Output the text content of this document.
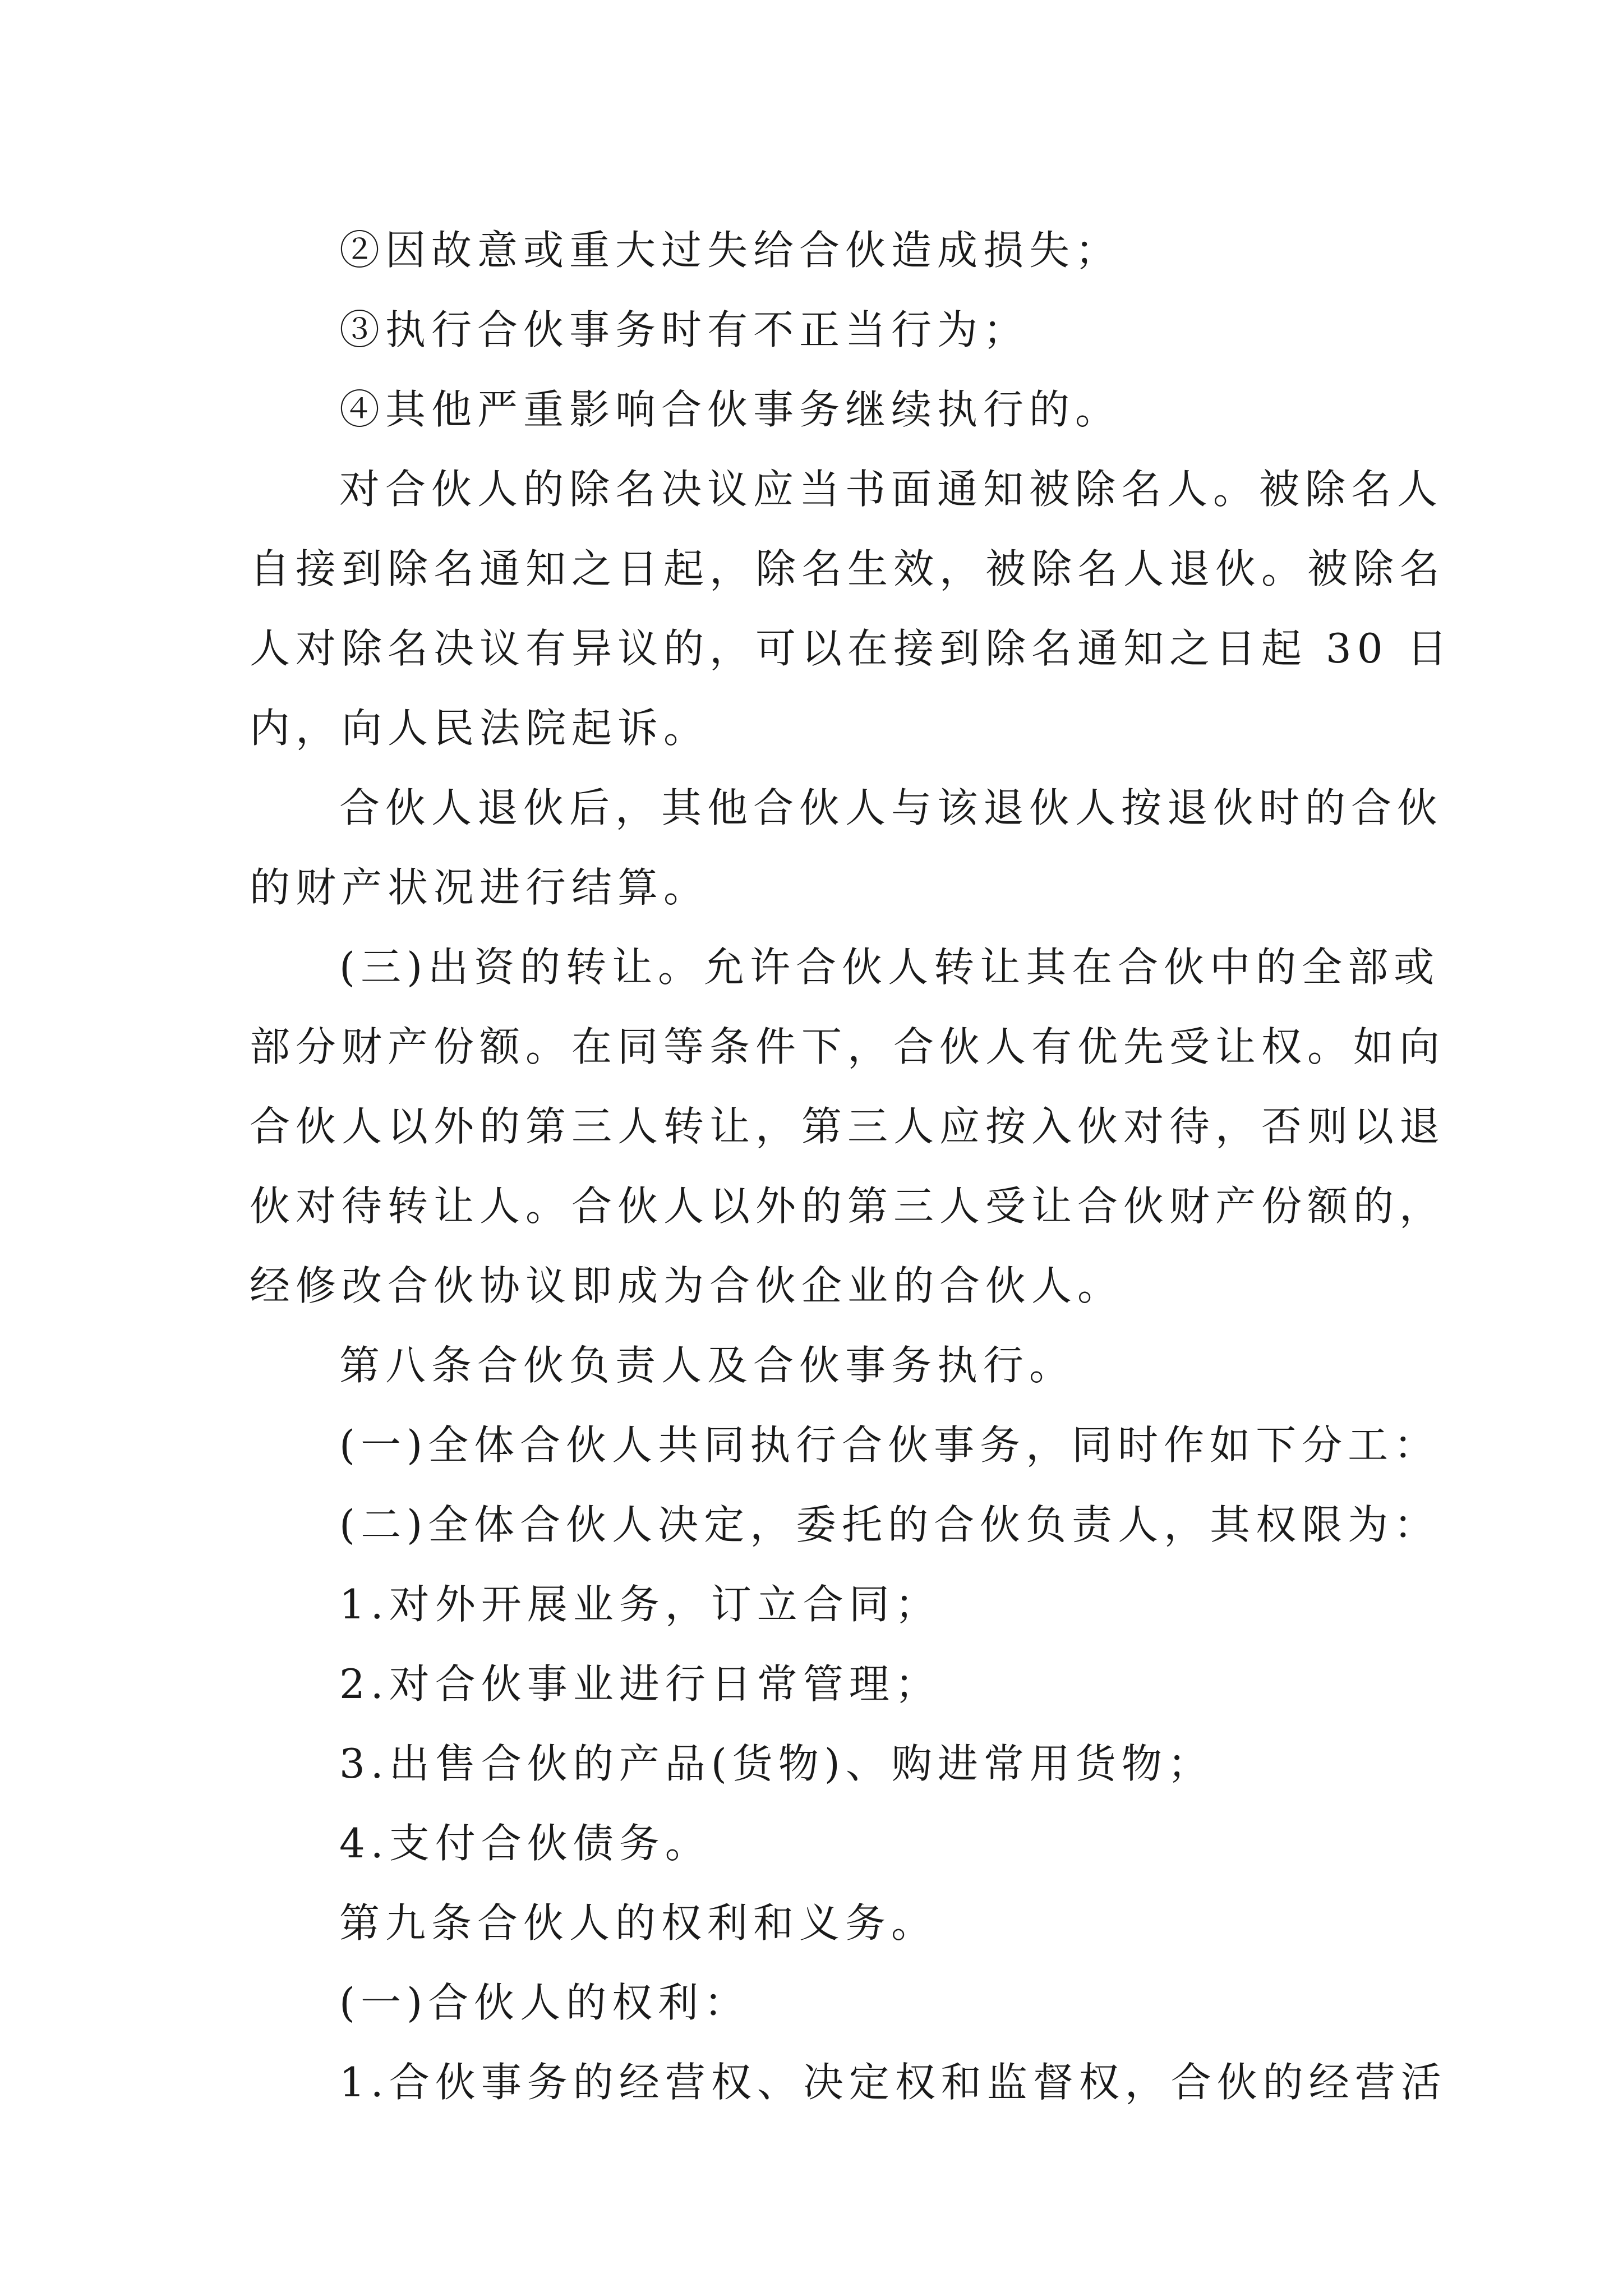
②因故意或重大过失给合伙造成损失；
③执行合伙事务时有不正当行为；
④其他严重影响合伙事务继续执行的。
对合伙人的除名决议应当书面通知被除名人。被除名人
自接到除名通知之日起，除名生效，被除名人退伙。被除名
人对除名决议有异议的，可以在接到除名通知之日起 30 日
内，向人民法院起诉。
合伙人退伙后，其他合伙人与该退伙人按退伙时的合伙
的财产状况进行结算。
(三)出资的转让。允许合伙人转让其在合伙中的全部或
部分财产份额。在同等条件下，合伙人有优先受让权。如向
合伙人以外的第三人转让，第三人应按入伙对待，否则以退
伙对待转让人。合伙人以外的第三人受让合伙财产份额的，
经修改合伙协议即成为合伙企业的合伙人。
第八条合伙负责人及合伙事务执行。
(一)全体合伙人共同执行合伙事务，同时作如下分工：
(二)全体合伙人决定，委托的合伙负责人，其权限为：
1.对外开展业务，订立合同；
2.对合伙事业进行日常管理；
3.出售合伙的产品(货物)、购进常用货物；
4.支付合伙债务。
第九条合伙人的权利和义务。
(一)合伙人的权利：
1.合伙事务的经营权、决定权和监督权，合伙的经营活
